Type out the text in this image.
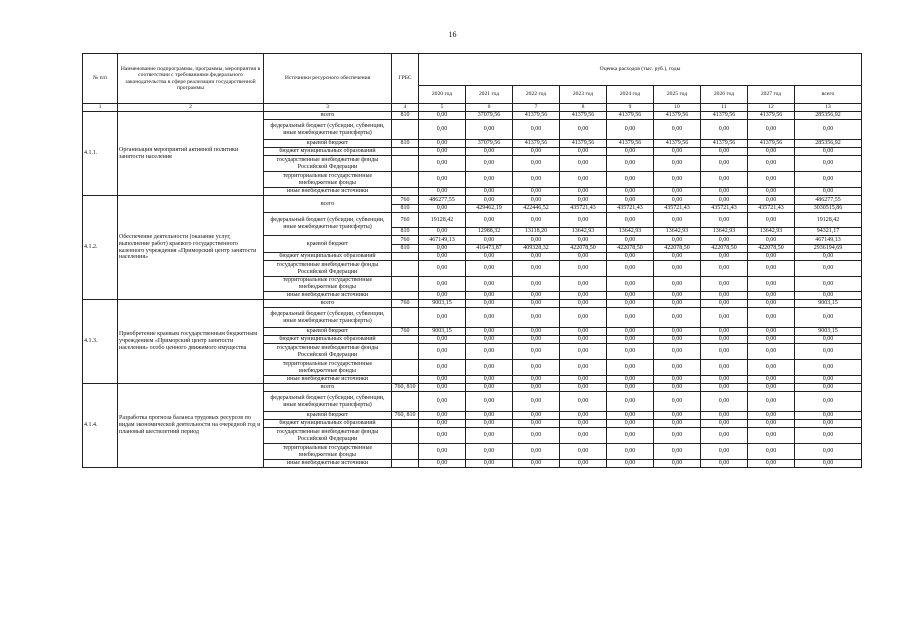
16
№ п/п	Наименование подпрограммы, программы, мероприятия в соответствии с требованиями федерального законодательства в сфере реализации государственной программы	Источники ресурсного обеспечения	ГРБС	Оценка расходов (тыс. руб.), годы								
				2020 год	2021 год	2022 год	2023 год	2024 год	2025 год	2026 год	2027 год	всего
1	2	3	4	5	6	7	8	9	10	11	12	13
4.1.1.	Организация мероприятий активной политики занятости населения	всего	810	0,00	37079,56	41379,56	41379,56	41379,56	41379,56	41379,56	41379,56	285356,92
		федеральный бюджет (субсидии, субвенции, иные межбюджетные трансферты)		0,00	0,00	0,00	0,00	0,00	0,00	0,00	0,00	0,00
		краевой бюджет	810	0,00	37079,56	41379,56	41379,56	41379,56	41379,56	41379,56	41379,56	285356,92
		бюджет муниципальных образований		0,00	0,00	0,00	0,00	0,00	0,00	0,00	0,00	0,00
		государственные внебюджетные фонды Российской Федерации		0,00	0,00	0,00	0,00	0,00	0,00	0,00	0,00	0,00
		территориальные государственные внебюджетные фонды		0,00	0,00	0,00	0,00	0,00	0,00	0,00	0,00	0,00
		иные внебюджетные источники		0,00	0,00	0,00	0,00	0,00	0,00	0,00	0,00	0,00
4.1.2.	Обеспечение деятельности (оказание услуг, выполнение работ) краевого государственного казенного учреждения «Приморский центр занятости населения»	всего	760	486277,55	0,00	0,00	0,00	0,00	0,00	0,00	0,00	486277,55
			810	0,00	429462,19	422446,52	435721,43	435721,43	435721,43	435721,43	435721,43	3030515,86
		федеральный бюджет (субсидии, субвенции, иные межбюджетные трансферты)	760	19128,42	0,00	0,00	0,00	0,00	0,00	0,00	0,00	19128,42
			810	0,00	12988,32	13118,20	13642,93	13642,93	13642,93	13642,93	13642,93	94321,17
		краевой бюджет	760	467149,13	0,00	0,00	0,00	0,00	0,00	0,00	0,00	467149,13
			810	0,00	416473,87	409328,32	422078,50	422078,50	422078,50	422078,50	422078,50	2936194,69
		бюджет муниципальных образований		0,00	0,00	0,00	0,00	0,00	0,00	0,00	0,00	0,00
		государственные внебюджетные фонды Российской Федерации		0,00	0,00	0,00	0,00	0,00	0,00	0,00	0,00	0,00
		территориальные государственные внебюджетные фонды		0,00	0,00	0,00	0,00	0,00	0,00	0,00	0,00	0,00
		иные внебюджетные источники		0,00	0,00	0,00	0,00	0,00	0,00	0,00	0,00	0,00
4.1.3.	Приобретение краевым государственным бюджетным учреждением «Приморский центр занятости населения» особо ценного движимого имущества	всего	760	9003,15	0,00	0,00	0,00	0,00	0,00	0,00	0,00	9003,15
		федеральный бюджет (субсидии, субвенции, иные межбюджетные трансферты)		0,00	0,00	0,00	0,00	0,00	0,00	0,00	0,00	0,00
		краевой бюджет	760	9003,15	0,00	0,00	0,00	0,00	0,00	0,00	0,00	9003,15
		бюджет муниципальных образований		0,00	0,00	0,00	0,00	0,00	0,00	0,00	0,00	0,00
		государственные внебюджетные фонды Российской Федерации		0,00	0,00	0,00	0,00	0,00	0,00	0,00	0,00	0,00
		территориальные государственные внебюджетные фонды		0,00	0,00	0,00	0,00	0,00	0,00	0,00	0,00	0,00
		иные внебюджетные источники		0,00	0,00	0,00	0,00	0,00	0,00	0,00	0,00	0,00
4.1.4.	Разработка прогноза баланса трудовых ресурсов по видам экономической деятельности на очередной год и плановый шестилетний период	всего	760, 810	0,00	0,00	0,00	0,00	0,00	0,00	0,00	0,00	0,00
		федеральный бюджет (субсидии, субвенции, иные межбюджетные трансферты)		0,00	0,00	0,00	0,00	0,00	0,00	0,00	0,00	0,00
		краевой бюджет	760, 810	0,00	0,00	0,00	0,00	0,00	0,00	0,00	0,00	0,00
		бюджет муниципальных образований		0,00	0,00	0,00	0,00	0,00	0,00	0,00	0,00	0,00
		государственные внебюджетные фонды Российской Федерации		0,00	0,00	0,00	0,00	0,00	0,00	0,00	0,00	0,00
		территориальные государственные внебюджетные фонды		0,00	0,00	0,00	0,00	0,00	0,00	0,00	0,00	0,00
		иные внебюджетные источники		0,00	0,00	0,00	0,00	0,00	0,00	0,00	0,00	0,00
